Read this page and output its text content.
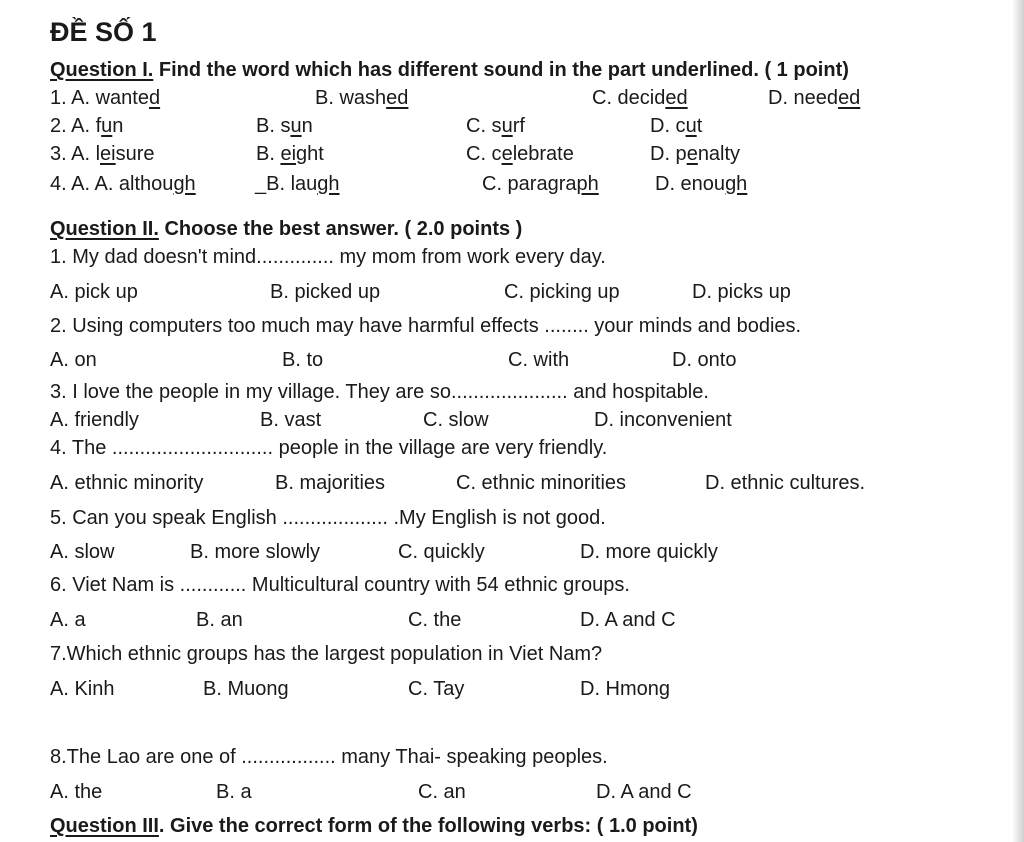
ĐỀ SỐ 1
Question I. Find the word which has different sound in the part underlined. ( 1 point)
1. A. wanted	B. washed	C. decided	D. needed
2. A. fun	B. sun	C. surf	D. cut
3. A. leisure	B. eight	C. celebrate	D. penalty
4. A. A. although	_B. laugh	C. paragraph	D. enough
Question II. Choose the best answer. ( 2.0 points )
1. My dad doesn't mind.............. my mom from work every day.
A. pick up	B. picked up	C. picking up	D. picks up
2. Using computers too much may have harmful effects ........ your minds and bodies.
A. on	B. to	C. with	D. onto
3. I love the people in my village. They are so..................... and hospitable.
A. friendly	B. vast	C. slow	D. inconvenient
4. The ............................. people in the village are very friendly.
A. ethnic minority	B. majorities	C. ethnic minorities	D. ethnic cultures.
5. Can you speak English ................... .My English is not good.
A. slow	B. more slowly	C. quickly	D. more quickly
6. Viet Nam is ............ Multicultural country with 54 ethnic groups.
A. a	B. an	C. the	D. A and C
7.Which ethnic groups has the largest population in Viet Nam?
A. Kinh	B. Muong	C. Tay	D. Hmong
8.The Lao are one of ................. many Thai- speaking peoples.
A. the	B. a	C. an	D. A and C
Question III. Give the correct form of the following verbs: ( 1.0 point)
